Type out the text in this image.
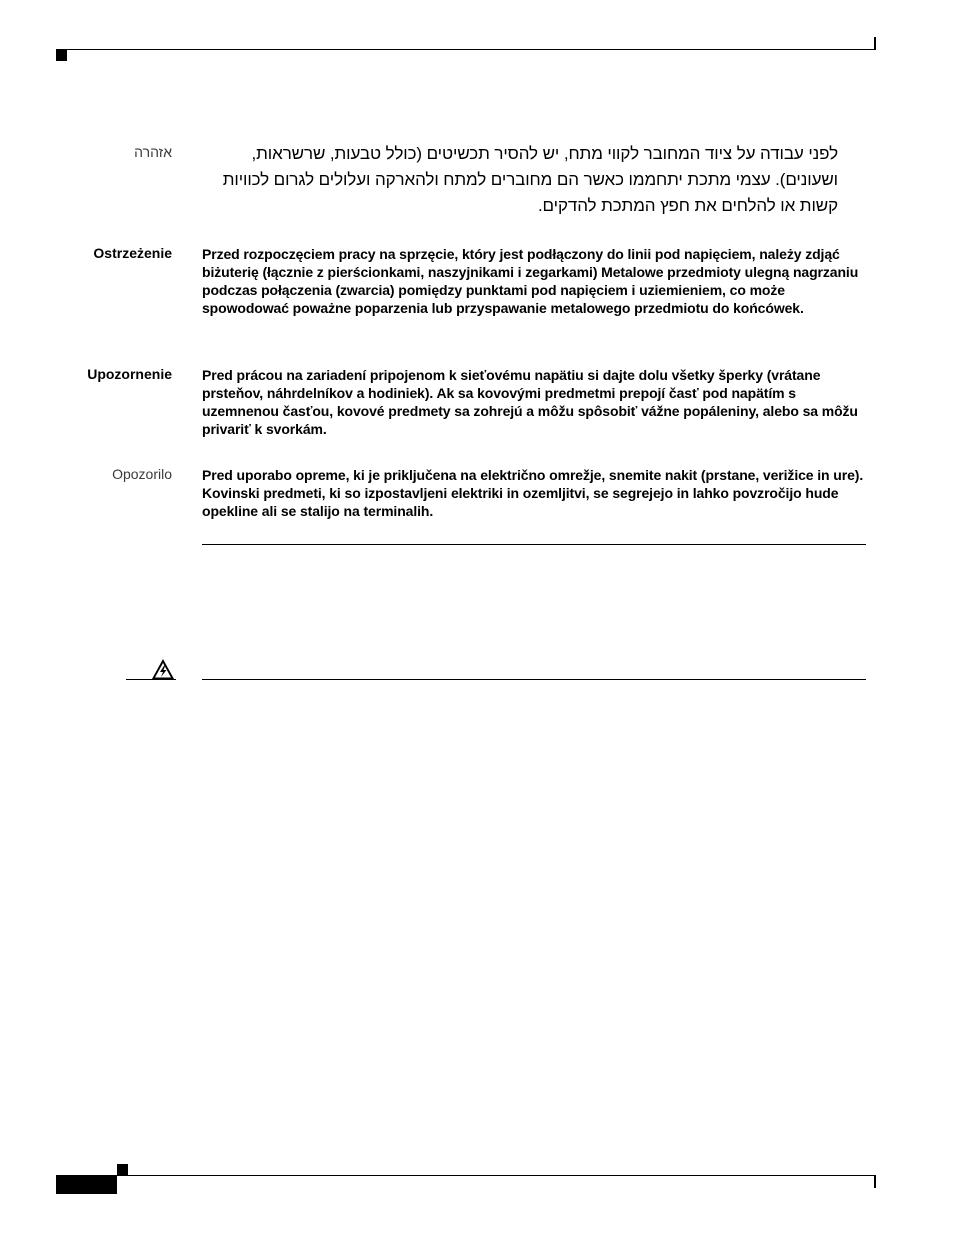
אזהרה	לפני עבודה על ציוד המחובר לקווי מתח, יש להסיר תכשיטים (כולל טבעות, שרשראות, ושעונים). עצמי מתכת יתחממו כאשר הם מחוברים למתח ולהארקה ועלולים לגרום לכוויות קשות או להלחים את חפץ המתכת להדקים.
Ostrzeżenie Przed rozpoczęciem pracy na sprzęcie, który jest podłączony do linii pod napięciem, należy zdjąć biżuterię (łącznie z pierścionkami, naszyjnikami i zegarkami) Metalowe przedmioty ulegną nagrzaniu podczas połączenia (zwarcia) pomiędzy punktami pod napięciem i uziemieniem, co może spowodować poważne poparzenia lub przyspawanie metalowego przedmiotu do końcówek.
Upozornenie Pred prácou na zariadení pripojenom k sieťovému napätiu si dajte dolu všetky šperky (vrátane prsteňov, náhrdelníkov a hodiniek). Ak sa kovovými predmetmi prepojí časť pod napätím s uzemnenou časťou, kovové predmety sa zohrejú a môžu spôsobiť vážne popáleniny, alebo sa môžu privariť k svorkám.
Opozorilo Pred uporabo opreme, ki je priključena na električno omrežje, snemite nakit (prstane, verižice in ure). Kovinski predmeti, ki so izpostavljeni elektriki in ozemljitvi, se segrejejo in lahko povzročijo hude opekline ali se stalijo na terminalih.
